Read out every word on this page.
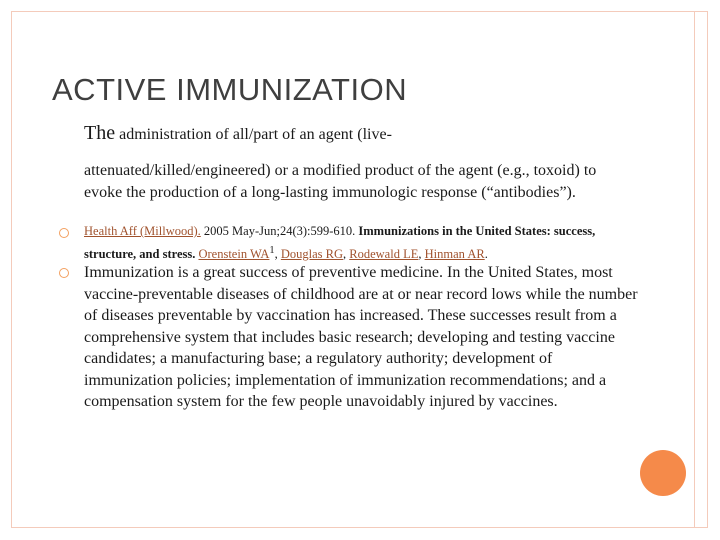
ACTIVE IMMUNIZATION
The administration of all/part of an agent (live-
attenuated/killed/engineered) or a modified product of the agent (e.g., toxoid) to evoke the production of a long-lasting immunologic response (“antibodies”).
Health Aff (Millwood). 2005 May-Jun;24(3):599-610. Immunizations in the United States: success, structure, and stress. Orenstein $WA^1$, Douglas RG, Rodewald LE, Hinman AR.
Immunization is a great success of preventive medicine. In the United States, most vaccine-preventable diseases of childhood are at or near record lows while the number of diseases preventable by vaccination has increased. These successes result from a comprehensive system that includes basic research; developing and testing vaccine candidates; a manufacturing base; a regulatory authority; development of immunization policies; implementation of immunization recommendations; and a compensation system for the few people unavoidably injured by vaccines.
